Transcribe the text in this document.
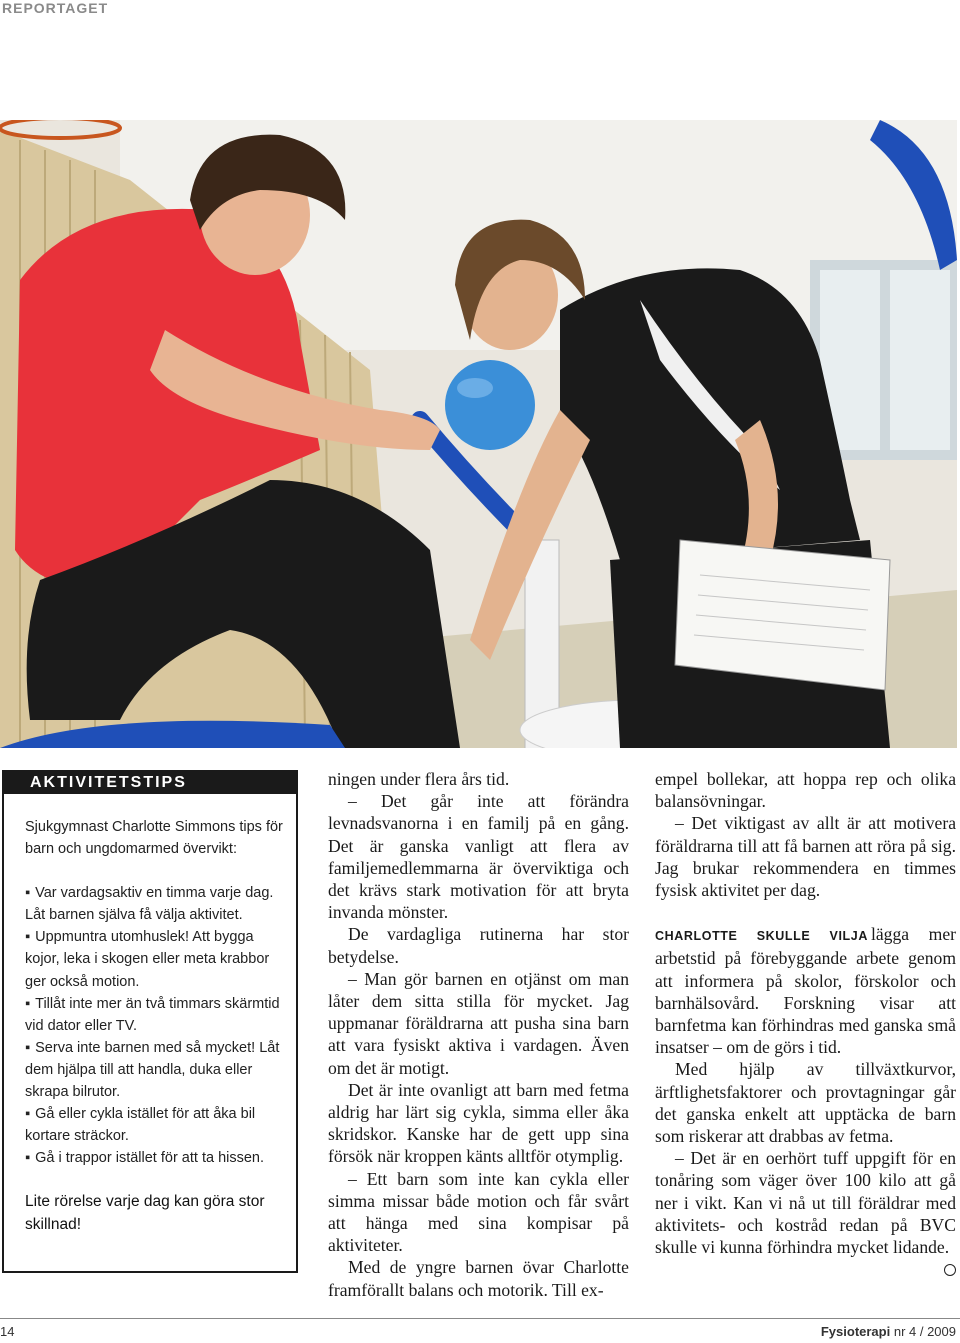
REPORTAGET
AKTIVITETSTIPS

Sjukgymnast Charlotte Simmons tips för barn och ungdomarmed övervikt:

▪ Var vardagsaktiv en timma varje dag. Låt barnen själva få välja aktivitet.
▪ Uppmuntra utomhuslek! Att bygga kojor, leka i skogen eller meta krabbor ger också motion.
▪ Tillåt inte mer än två timmars skärmtid vid dator eller TV.
▪ Serva inte barnen med så mycket! Låt dem hjälpa till att handla, duka eller skrapa bilrutor.
▪ Gå eller cykla istället för att åka bil kortare sträckor.
▪ Gå i trappor istället för att ta hissen.

Lite rörelse varje dag kan göra stor skillnad!

ningen under flera års tid.

– Det går inte att förändra levnadsvanorna i en familj på en gång. Det är ganska vanligt att flera av familjemedlemmarna är överviktiga och det krävs stark motivation för att bryta invanda mönster.

De vardagliga rutinerna har stor betydelse.

– Man gör barnen en otjänst om man låter dem sitta stilla för mycket. Jag uppmanar föräldrarna att pusha sina barn att vara fysiskt aktiva i vardagen. Även om det är motigt.

Det är inte ovanligt att barn med fetma aldrig har lärt sig cykla, simma eller åka skridskor. Kanske har de gett upp sina försök när kroppen känts alltför otymplig.

– Ett barn som inte kan cykla eller simma missar både motion och får svårt att hänga med sina kompisar på aktiviteter.

Med de yngre barnen övar Charlotte framförallt balans och motorik. Till ex-

empel bollekar, att hoppa rep och olika balansövningar.

– Det viktigast av allt är att motivera föräldrarna till att få barnen att röra på sig. Jag brukar rekommendera en timmes fysisk aktivitet per dag.

CHARLOTTE SKULLE VILJA lägga mer arbetstid på förebyggande arbete genom att informera på skolor, förskolor och barnhälsovård. Forskning visar att barnfetma kan förhindras med ganska små insatser – om de görs i tid.

Med hjälp av tillväxtkurvor, ärftlighetsfaktorer och provtagningar går det ganska enkelt att upptäcka de barn som riskerar att drabbas av fetma.

– Det är en oerhört tuff uppgift för en tonåring som väger över 100 kilo att gå ner i vikt. Kan vi nå ut till föräldrar med aktivitets- och kostråd redan på BVC skulle vi kunna förhindra mycket lidande.

14	Fysioterapi nr 4 / 2009
